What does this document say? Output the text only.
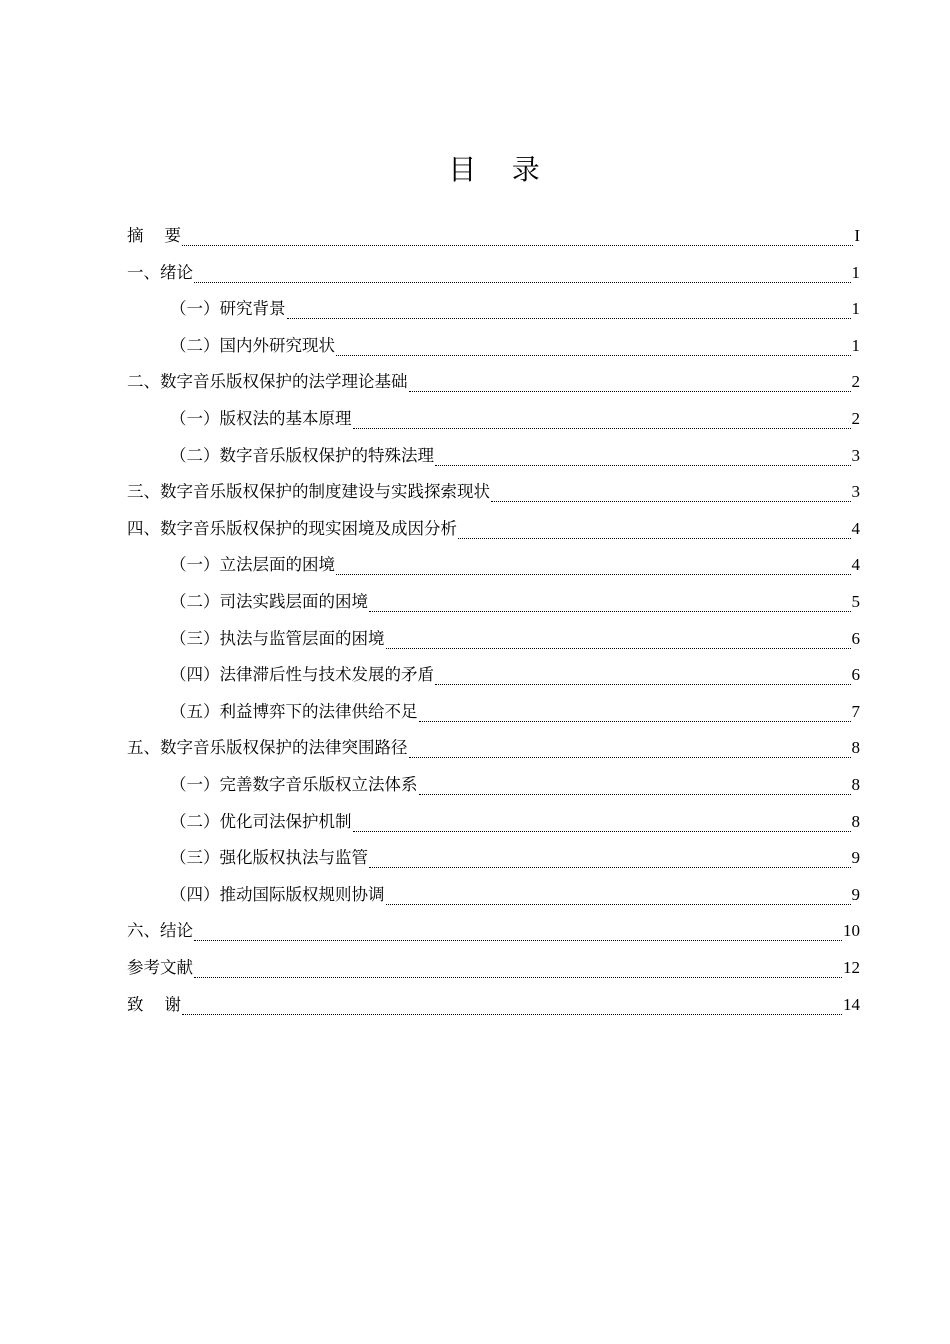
目    录
摘    要	I
一、绪论	1
（一）研究背景	1
（二）国内外研究现状	1
二、数字音乐版权保护的法学理论基础	2
（一）版权法的基本原理	2
（二）数字音乐版权保护的特殊法理	3
三、数字音乐版权保护的制度建设与实践探索现状	3
四、数字音乐版权保护的现实困境及成因分析	4
（一）立法层面的困境	4
（二）司法实践层面的困境	5
（三）执法与监管层面的困境	6
（四）法律滞后性与技术发展的矛盾	6
（五）利益博弈下的法律供给不足	7
五、数字音乐版权保护的法律突围路径	8
（一）完善数字音乐版权立法体系	8
（二）优化司法保护机制	8
（三）强化版权执法与监管	9
（四）推动国际版权规则协调	9
六、结论	10
参考文献	12
致    谢	14
